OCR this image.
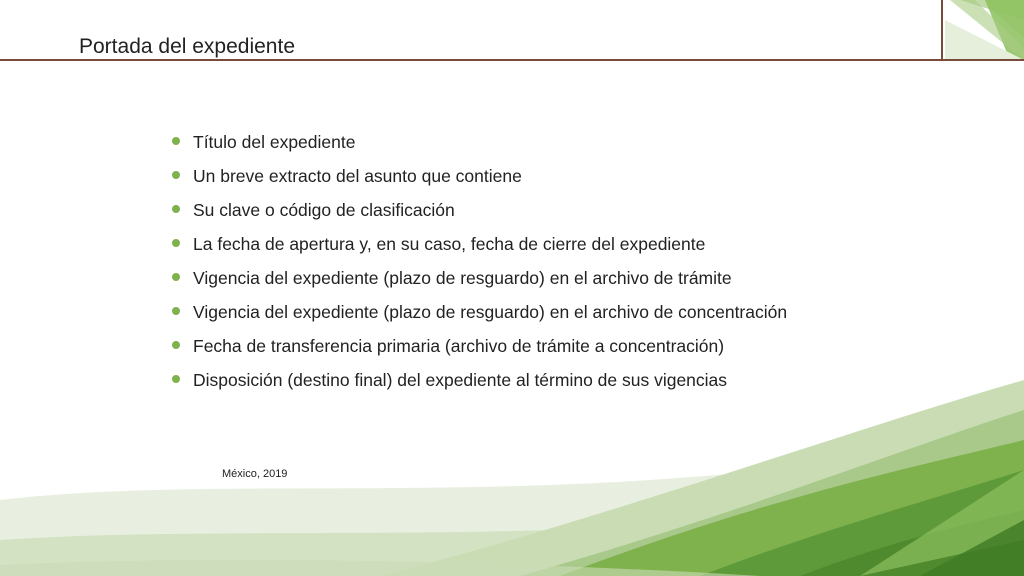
Portada del expediente
Título del expediente
Un breve extracto del asunto que contiene
Su clave o código de clasificación
La fecha de apertura y, en su caso, fecha de cierre del expediente
Vigencia del expediente (plazo de resguardo) en el archivo de trámite
Vigencia del expediente (plazo de resguardo) en el archivo de concentración
Fecha de transferencia primaria (archivo de trámite a concentración)
Disposición (destino final) del expediente al término de sus vigencias
México, 2019
